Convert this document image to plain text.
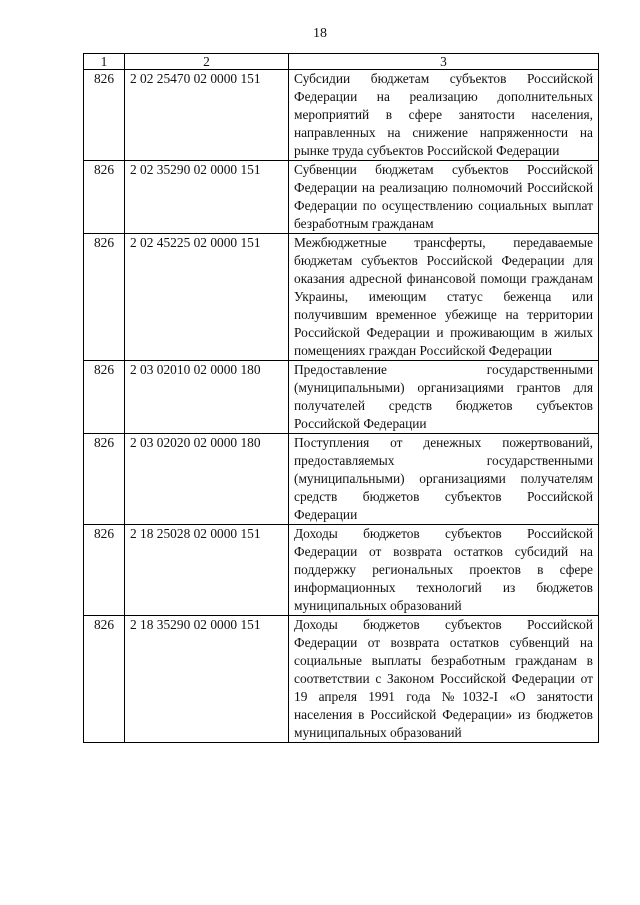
18
1	2	3
826	2 02 25470 02 0000 151	Субсидии бюджетам субъектов Российской Федерации на реализацию дополнительных мероприятий в сфере занятости населения, направленных на снижение напряженности на рынке труда субъектов Российской Федерации
826	2 02 35290 02 0000 151	Субвенции бюджетам субъектов Российской Федерации на реализацию полномочий Российской Федерации по осуществлению социальных выплат безработным гражданам
826	2 02 45225 02 0000 151	Межбюджетные трансферты, передаваемые бюджетам субъектов Российской Федерации для оказания адресной финансовой помощи гражданам Украины, имеющим статус беженца или получившим временное убежище на территории Российской Федерации и проживающим в жилых помещениях граждан Российской Федерации
826	2 03 02010 02 0000 180	Предоставление государственными (муниципальными) организациями грантов для получателей средств бюджетов субъектов Российской Федерации
826	2 03 02020 02 0000 180	Поступления от денежных пожертвований, предоставляемых государственными (муниципальными) организациями получателям средств бюджетов субъектов Российской Федерации
826	2 18 25028 02 0000 151	Доходы бюджетов субъектов Российской Федерации от возврата остатков субсидий на поддержку региональных проектов в сфере информационных технологий из бюджетов муниципальных образований
826	2 18 35290 02 0000 151	Доходы бюджетов субъектов Российской Федерации от возврата остатков субвенций на социальные выплаты безработным гражданам в соответствии с Законом Российской Федерации от 19 апреля 1991 года №1032-I «О занятости населения в Российской Федерации» из бюджетов муниципальных образований
